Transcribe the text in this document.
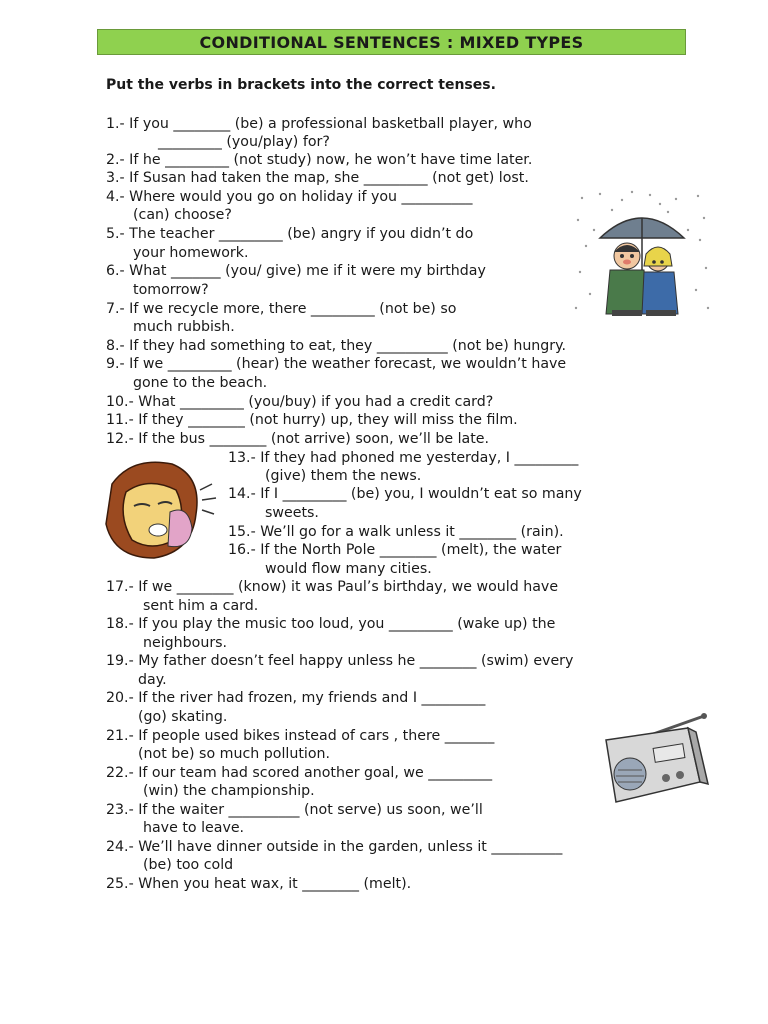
CONDITIONAL SENTENCES : MIXED TYPES
Put the verbs in brackets into the correct tenses.
1.- If you ________ (be) a professional basketball player, who
_________ (you/play) for?
2.- If he _________ (not study) now, he won’t have time later.
3.- If Susan had taken the map, she _________ (not get) lost.
4.- Where would you go on holiday if you __________
(can) choose?
5.- The teacher _________ (be) angry if you didn’t do
your homework.
6.- What _______ (you/ give) me if it were my birthday
tomorrow?
7.- If we recycle more, there _________ (not be) so
much rubbish.
8.- If they had something to eat, they __________ (not be) hungry.
9.- If we _________ (hear) the weather forecast, we wouldn’t have
gone to the beach.
10.- What _________ (you/buy) if you had a credit card?
11.- If they ________ (not hurry) up, they will miss the film.
12.- If the bus ________ (not arrive) soon, we’ll be late.
13.- If they had phoned me yesterday, I _________
(give) them the news.
14.- If I _________ (be) you, I wouldn’t eat so many
sweets.
15.- We’ll go for a walk unless it ________ (rain).
16.- If the North Pole ________ (melt), the water
would flow many cities.
17.- If we ________ (know) it was Paul’s birthday, we would have
sent him a card.
18.- If you play the music too loud, you _________ (wake up) the
neighbours.
19.- My father doesn’t feel happy unless he ________ (swim) every
day.
20.- If the river had frozen, my friends and I _________
(go) skating.
21.- If people used bikes instead of cars , there _______
(not be) so much pollution.
22.- If our team had scored another goal, we _________
(win) the championship.
23.- If the waiter __________ (not serve) us soon, we’ll
have to leave.
24.- We’ll have dinner outside in the garden, unless it __________
(be) too cold
25.- When you heat wax, it ________ (melt).
